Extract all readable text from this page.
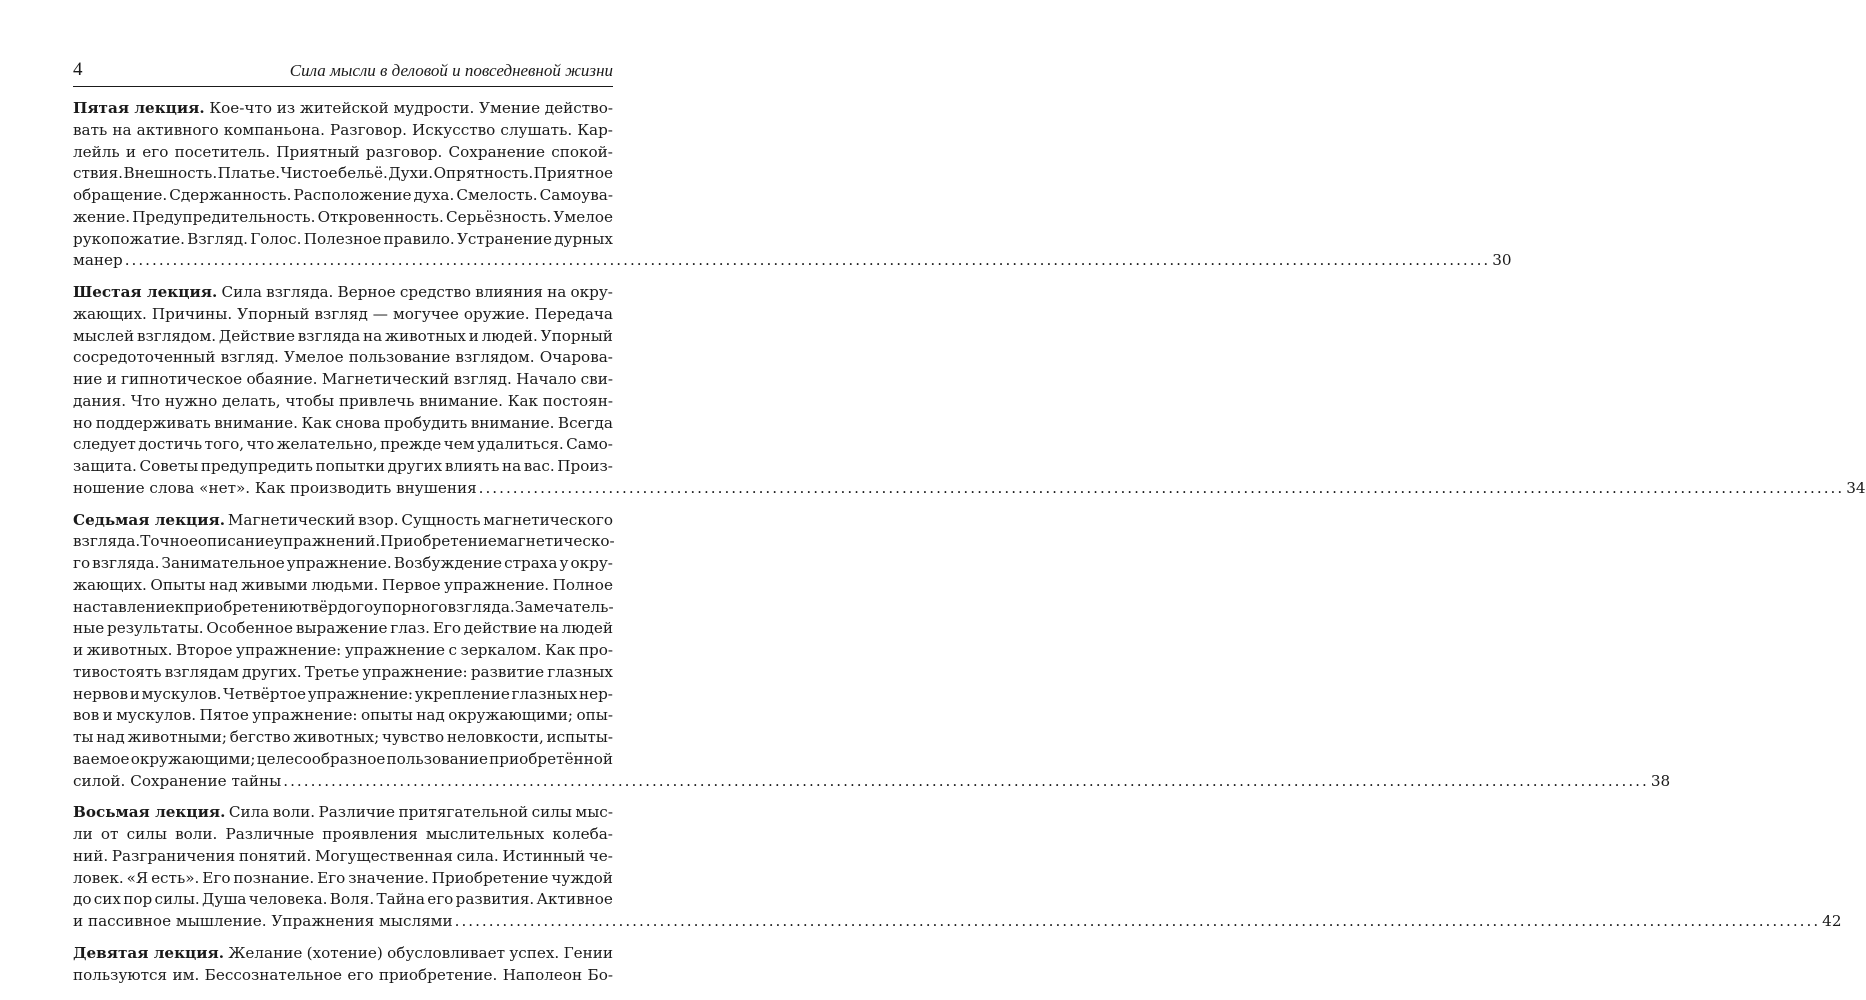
4	Сила мысли в деловой и повседневной жизни
Пятая лекция. Кое-что из житейской мудрости. Умение действо-
вать на активного компаньона. Разговор. Искусство слушать. Кар-
лейль и его посетитель. Приятный разговор. Сохранение спокой-
ствия. Внешность. Платье. Чистое бельё. Духи. Опрятность. Приятное
обращение. Сдержанность. Расположение духа. Смелость. Самоува-
жение. Предупредительность. Откровенность. Серьёзность. Умелое
рукопожатие. Взгляд. Голос. Полезное правило. Устранение дурных
манер ........................................................................................................................................................................................................ 30
Шестая лекция. Сила взгляда. Верное средство влияния на окру-
жающих. Причины. Упорный взгляд — могучее оружие. Передача
мыслей взглядом. Действие взгляда на животных и людей. Упорный
сосредоточенный взгляд. Умелое пользование взглядом. Очарова-
ние и гипнотическое обаяние. Магнетический взгляд. Начало сви-
дания. Что нужно делать, чтобы привлечь внимание. Как постоян-
но поддерживать внимание. Как снова пробудить внимание. Всегда
следует достичь того, что желательно, прежде чем удалиться. Само-
защита. Советы предупредить попытки других влиять на вас. Произ-
ношение слова «нет». Как производить внушения ........................................................................................................................................................................................................ 34
Седьмая лекция. Магнетический взор. Сущность магнетического
взгляда. Точное описание упражнений. Приобретение магнетическо-
го взгляда. Занимательное упражнение. Возбуждение страха у окру-
жающих. Опыты над живыми людьми. Первое упражнение. Полное
наставление к приобретению твёрдого упорного взгляда. Замечатель-
ные результаты. Особенное выражение глаз. Его действие на людей
и животных. Второе упражнение: упражнение с зеркалом. Как про-
тивостоять взглядам других. Третье упражнение: развитие глазных
нервов и мускулов. Четвёртое упражнение: укрепление глазных нер-
вов и мускулов. Пятое упражнение: опыты над окружающими; опы-
ты над животными; бегство животных; чувство неловкости, испыты-
ваемое окружающими; целесообразное пользование приобретённой
силой. Сохранение тайны ........................................................................................................................................................................................................ 38
Восьмая лекция. Сила воли. Различие притягательной силы мыс-
ли от силы воли. Различные проявления мыслительных колеба-
ний. Разграничения понятий. Могущественная сила. Истинный че-
ловек. «Я есть». Его познание. Его значение. Приобретение чуждой
до сих пор силы. Душа человека. Воля. Тайна его развития. Активное
и пассивное мышление. Упражнения мыслями ........................................................................................................................................................................................................ 42
Девятая лекция. Желание (хотение) обусловливает успех. Гении
пользуются им. Бессознательное его приобретение. Наполеон Бо-
